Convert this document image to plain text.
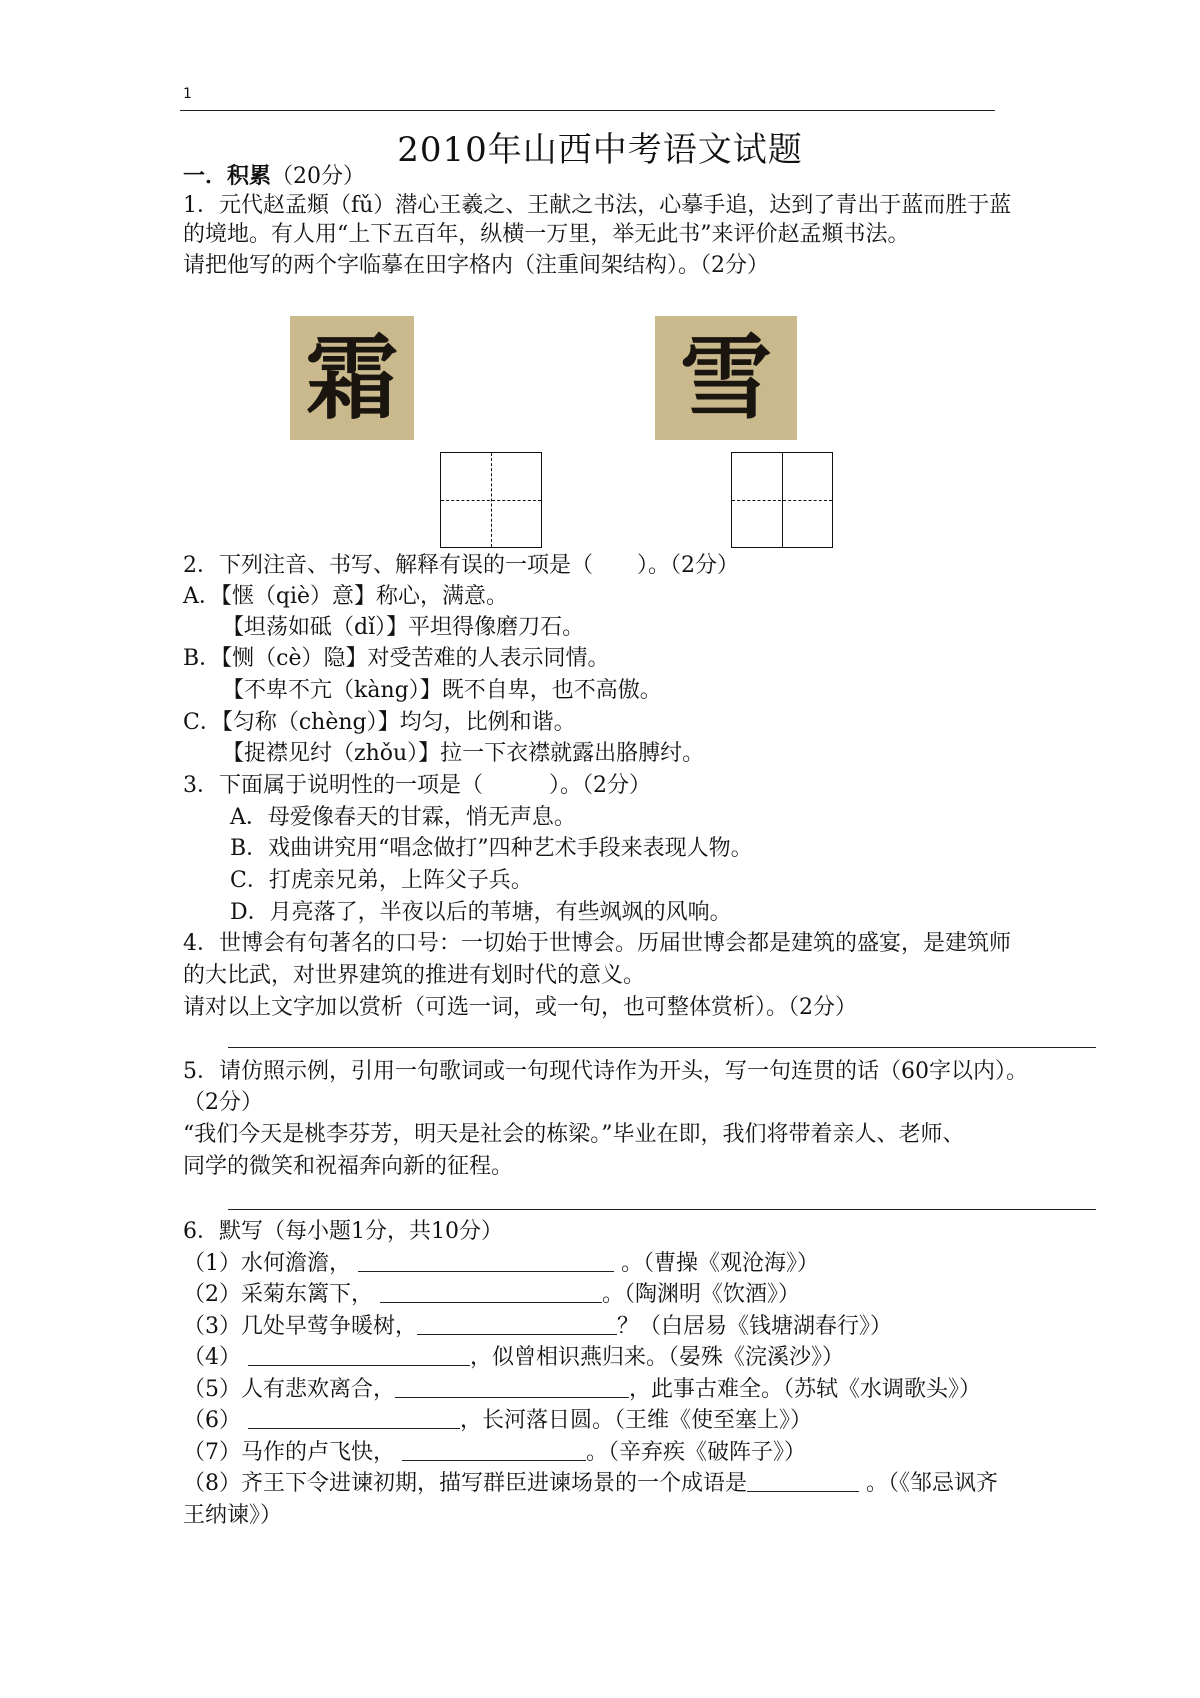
1
2010年山西中考语文试题
一．积累（20分）
1．元代赵孟頫（fǔ）潜心王羲之、王献之书法，心摹手追，达到了青出于蓝而胜于蓝
的境地。有人用“上下五百年，纵横一万里，举无此书”来评价赵孟頫书法。
请把他写的两个字临摹在田字格内（注重间架结构）。（2分）
霜	雪
2．下列注音、书写、解释有误的一项是（　　）。（2分）
A．【惬（qiè）意】称心，满意。
【坦荡如砥（dǐ）】平坦得像磨刀石。
B．【恻（cè）隐】对受苦难的人表示同情。
【不卑不亢（kàng）】既不自卑，也不高傲。
C．【匀称（chèng）】均匀，比例和谐。
【捉襟见纣（zhǒu）】拉一下衣襟就露出胳膊纣。
3．下面属于说明性的一项是（　　　）。（2分）
A．母爱像春天的甘霖，悄无声息。
B．戏曲讲究用“唱念做打”四种艺术手段来表现人物。
C．打虎亲兄弟，上阵父子兵。
D．月亮落了，半夜以后的苇塘，有些飒飒的风响。
4．世博会有句著名的口号：一切始于世博会。历届世博会都是建筑的盛宴，是建筑师
的大比武，对世界建筑的推进有划时代的意义。
请对以上文字加以赏析（可选一词，或一句，也可整体赏析）。（2分）
5．请仿照示例，引用一句歌词或一句现代诗作为开头，写一句连贯的话（60字以内）。
（2分）
“我们今天是桃李芬芳，明天是社会的栋梁。”毕业在即，我们将带着亲人、老师、
同学的微笑和祝福奔向新的征程。
6．默写（每小题1分，共10分）
（1）水何澹澹，	。（曹操《观沧海》）
（2）采菊东篱下，	。（陶渊明《饮酒》）
（3）几处早莺争暖树，	？（白居易《钱塘湖春行》）
（4）	，似曾相识燕归来。（晏殊《浣溪沙》）
（5）人有悲欢离合，	，此事古难全。（苏轼《水调歌头》）
（6）	，长河落日圆。（王维《使至塞上》）
（7）马作的卢飞快，	。（辛弃疾《破阵子》）
（8）齐王下令进谏初期，描写群臣进谏场景的一个成语是	。（《邹忌讽齐
王纳谏》）
